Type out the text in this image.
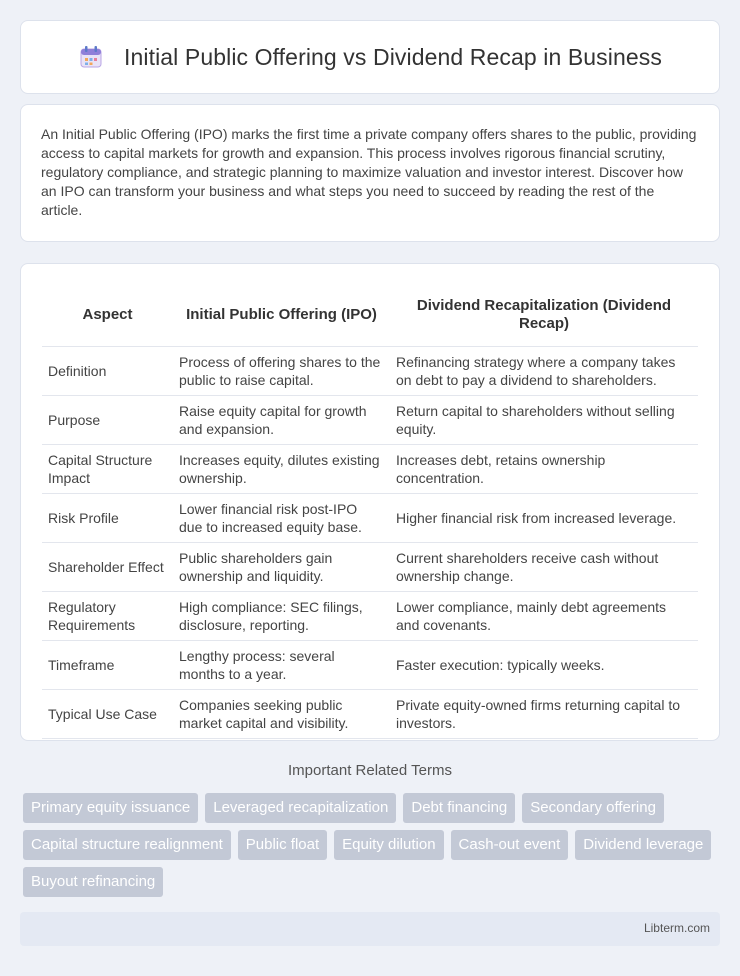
Initial Public Offering vs Dividend Recap in Business

An Initial Public Offering (IPO) marks the first time a private company offers shares to the public, providing access to capital markets for growth and expansion. This process involves rigorous financial scrutiny, regulatory compliance, and strategic planning to maximize valuation and investor interest. Discover how an IPO can transform your business and what steps you need to succeed by reading the rest of the article.

Aspect	Initial Public Offering (IPO)	Dividend Recapitalization (Dividend Recap)
Definition	Process of offering shares to the public to raise capital.	Refinancing strategy where a company takes on debt to pay a dividend to shareholders.
Purpose	Raise equity capital for growth and expansion.	Return capital to shareholders without selling equity.
Capital Structure Impact	Increases equity, dilutes existing ownership.	Increases debt, retains ownership concentration.
Risk Profile	Lower financial risk post-IPO due to increased equity base.	Higher financial risk from increased leverage.
Shareholder Effect	Public shareholders gain ownership and liquidity.	Current shareholders receive cash without ownership change.
Regulatory Requirements	High compliance: SEC filings, disclosure, reporting.	Lower compliance, mainly debt agreements and covenants.
Timeframe	Lengthy process: several months to a year.	Faster execution: typically weeks.
Typical Use Case	Companies seeking public market capital and visibility.	Private equity-owned firms returning capital to investors.
Important Related Terms
Primary equity issuance	Leveraged recapitalization	Debt financing	Secondary offering
Capital structure realignment	Public float	Equity dilution	Cash-out event	Dividend leverage
Buyout refinancing
Libterm.com
